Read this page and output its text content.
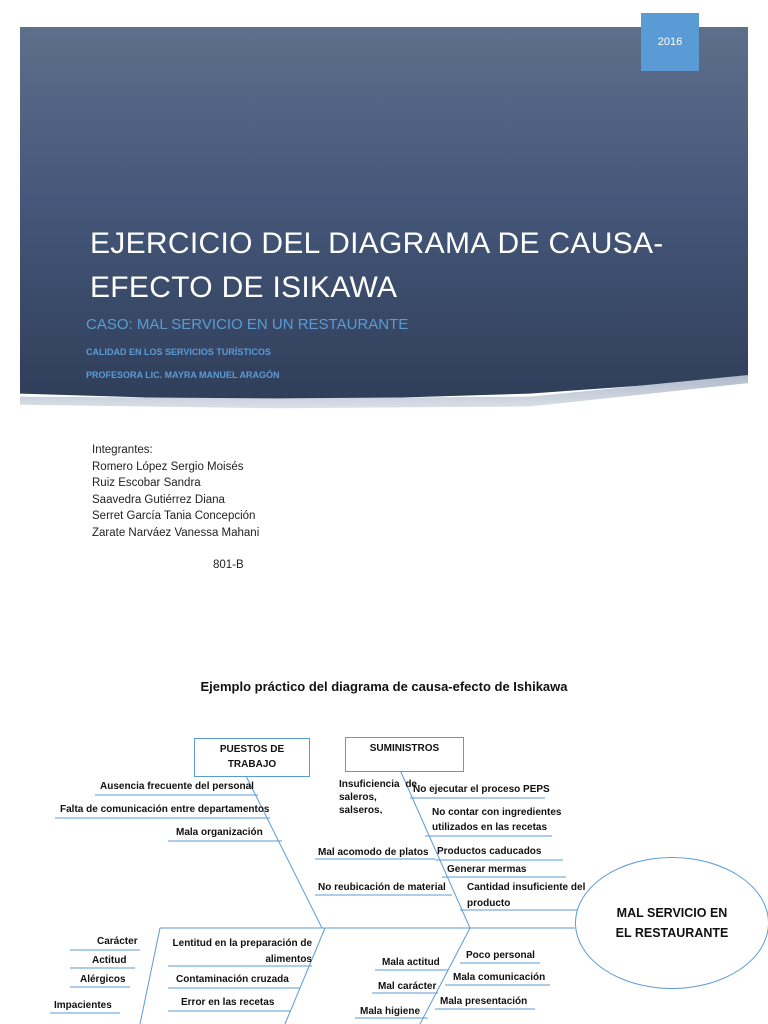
2016
EJERCICIO DEL DIAGRAMA DE CAUSA-EFECTO DE ISIKAWA
CASO: MAL SERVICIO EN UN RESTAURANTE
CALIDAD EN LOS SERVICIOS TURÍSTICOS
PROFESORA LIC. MAYRA MANUEL ARAGÓN
Integrantes:
Romero López Sergio Moisés
Ruiz Escobar Sandra
Saavedra Gutiérrez Diana
Serret García Tania Concepción
Zarate Narváez Vanessa Mahani
801-B
Ejemplo práctico del diagrama de causa-efecto de Ishikawa
PUESTOS DE TRABAJO
SUMINISTROS
Ausencia frecuente del personal
Falta de comunicación entre departamentos
Mala organización
Insuficiencia de saleros, salseros,
No ejecutar el proceso PEPS
No contar con ingredientes utilizados en las recetas
Mal acomodo de platos Productos caducados
Generar mermas
No reubicación de material Cantidad insuficiente del producto
MAL SERVICIO EN EL RESTAURANTE
Carácter
Actitud
Alérgicos
Impacientes
Lentitud en la preparación de alimentos
Contaminación cruzada
Error en las recetas
Mala actitud
Mal carácter
Mala higiene
Poco personal
Mala comunicación
Mala presentación
